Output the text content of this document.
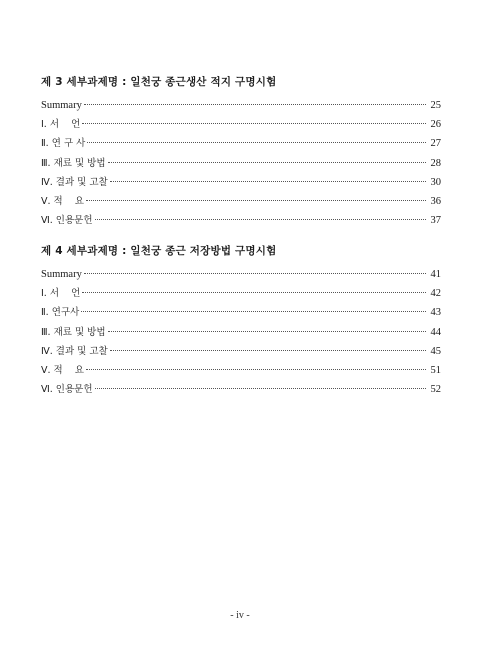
제 3 세부과제명 : 일천궁 종근생산 적지 구명시험
Summary	25
Ⅰ. 서    언	26
Ⅱ. 연 구 사	27
Ⅲ. 재료 및 방법	28
Ⅳ. 결과 및 고찰	30
Ⅴ. 적    요	36
Ⅵ. 인용문헌	37
제 4 세부과제명 : 일천궁 종근 저장방법 구명시험
Summary	41
Ⅰ. 서    언	42
Ⅱ. 연구사	43
Ⅲ. 재료 및 방법	44
Ⅳ. 결과 및 고찰	45
Ⅴ. 적    요	51
Ⅵ. 인용문헌	52
- iv -
